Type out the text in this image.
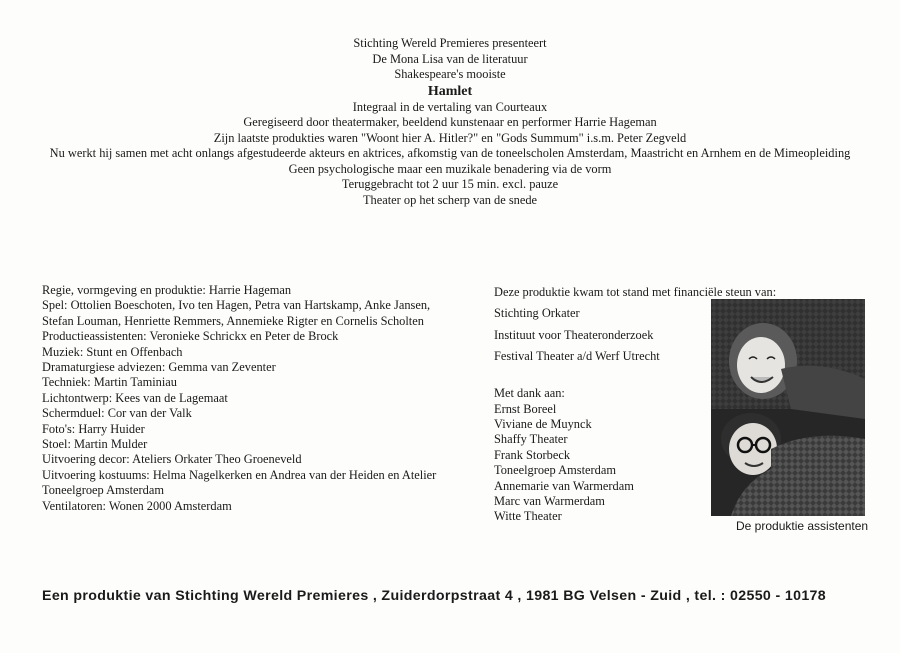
Stichting Wereld Premieres presenteert
De Mona Lisa van de literatuur
Shakespeare's mooiste
Hamlet
Integraal in de vertaling van Courteaux
Geregiseerd door theatermaker, beeldend kunstenaar en performer Harrie Hageman
Zijn laatste produkties waren "Woont hier A. Hitler?" en "Gods Summum" i.s.m. Peter Zegveld
Nu werkt hij samen met acht onlangs afgestudeerde akteurs en aktrices, afkomstig van de toneelscholen Amsterdam, Maastricht en Arnhem en de Mimeopleiding
Geen psychologische maar een muzikale benadering via de vorm
Teruggebracht tot 2 uur 15 min. excl. pauze
Theater op het scherp van de snede
Regie, vormgeving en produktie: Harrie Hageman
Spel: Ottolien Boeschoten, Ivo ten Hagen, Petra van Hartskamp, Anke Jansen, Stefan Louman, Henriette Remmers, Annemieke Rigter en Cornelis Scholten
Productieassistenten: Veronieke Schrickx en Peter de Brock
Muziek: Stunt en Offenbach
Dramaturgiese adviezen: Gemma van Zeventer
Techniek: Martin Taminiau
Lichtontwerp: Kees van de Lagemaat
Schermduel: Cor van der Valk
Foto's: Harry Huider
Stoel: Martin Mulder
Uitvoering decor: Ateliers Orkater Theo Groeneveld
Uitvoering kostuums: Helma Nagelkerken en Andrea van der Heiden en Atelier Toneelgroep Amsterdam
Ventilatoren: Wonen 2000 Amsterdam
Deze produktie kwam tot stand met financiële steun van:
Stichting Orkater
Instituut voor Theateronderzoek
Festival Theater a/d Werf Utrecht
Met dank aan:
Ernst Boreel
Viviane de Muynck
Shaffy Theater
Frank Storbeck
Toneelgroep Amsterdam
Annemarie van Warmerdam
Marc van Warmerdam
Witte Theater
De produktie assistenten
Een produktie van Stichting Wereld Premieres , Zuiderdorpstraat 4 , 1981 BG Velsen - Zuid , tel. : 02550 - 10178
